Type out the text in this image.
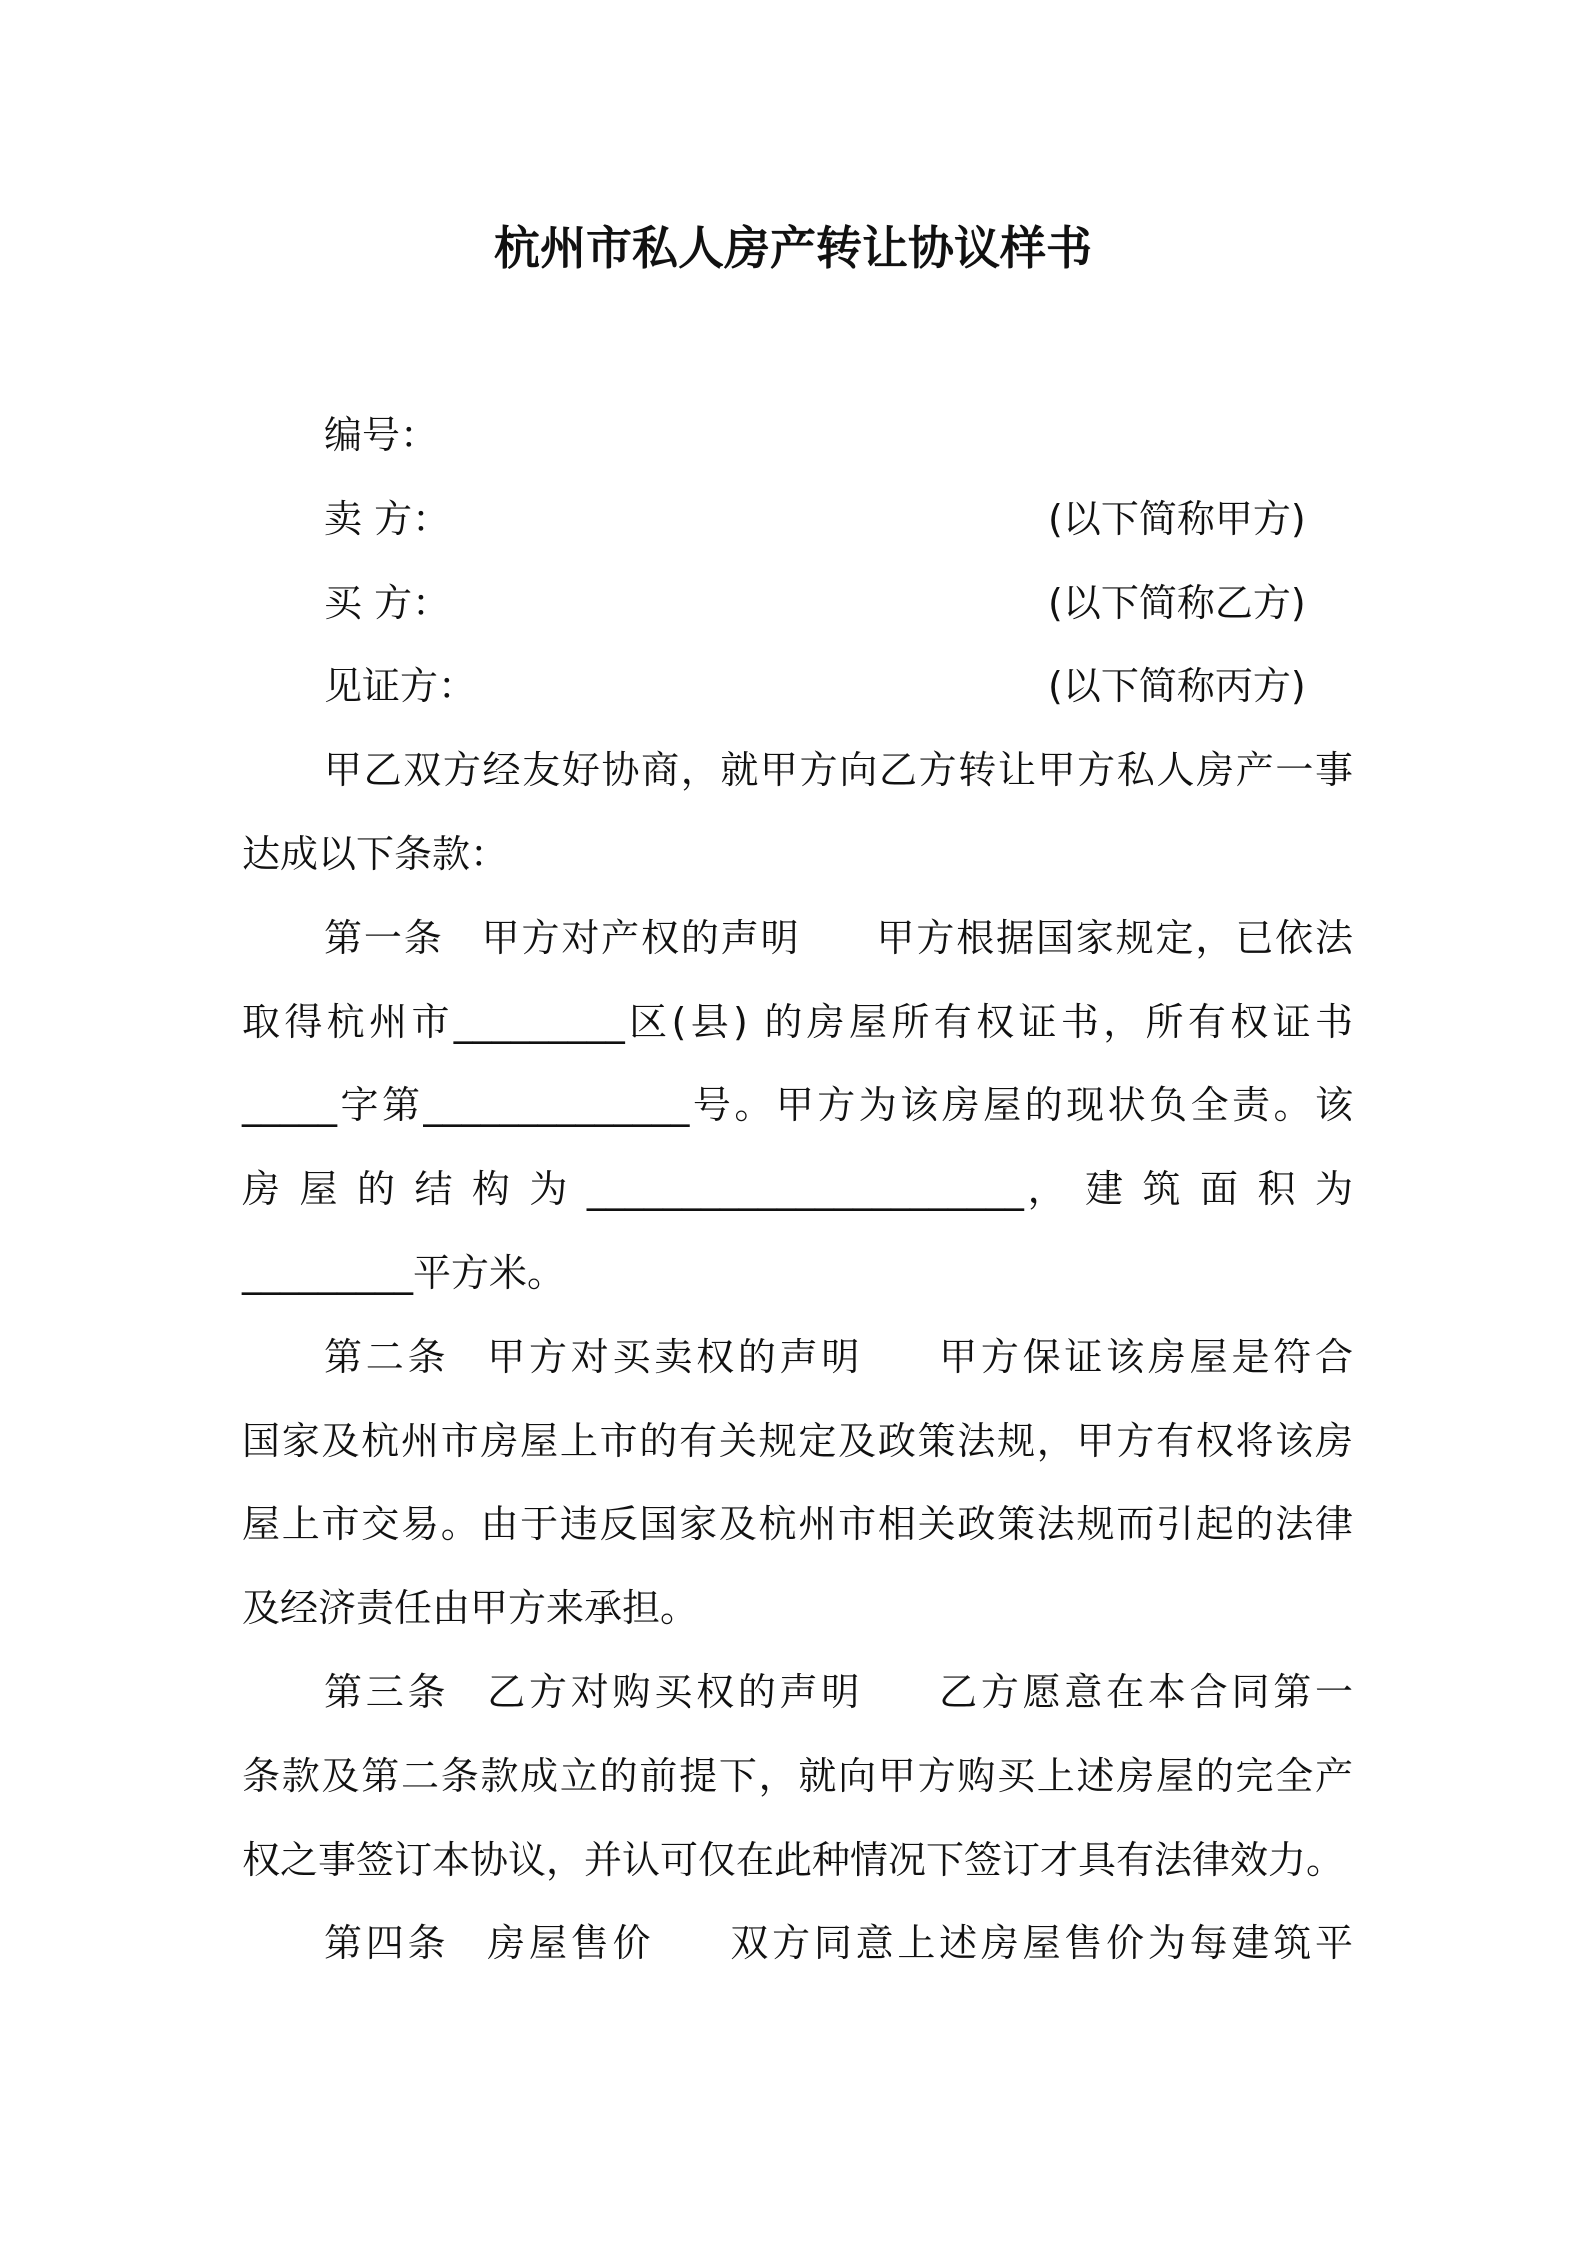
杭州市私人房产转让协议样书
编号：
卖 方：	(以下简称甲方)
买 方：	(以下简称乙方)
见证方：	(以下简称丙方)
甲乙双方经友好协商，就甲方向乙方转让甲方私人房产一事
达成以下条款：
第一条 甲方对产权的声明 甲方根据国家规定，已依法
取得杭州市_________区(县) 的房屋所有权证书，所有权证书
_____字第______________号。甲方为该房屋的现状负全责。该
房 屋 的 结 构 为 _______________________， 建 筑 面 积 为
_________平方米。
第二条 甲方对买卖权的声明 甲方保证该房屋是符合
国家及杭州市房屋上市的有关规定及政策法规，甲方有权将该房
屋上市交易。由于违反国家及杭州市相关政策法规而引起的法律
及经济责任由甲方来承担。
第三条 乙方对购买权的声明 乙方愿意在本合同第一
条款及第二条款成立的前提下，就向甲方购买上述房屋的完全产
权之事签订本协议，并认可仅在此种情况下签订才具有法律效力。
第四条 房屋售价 双方同意上述房屋售价为每建筑平
